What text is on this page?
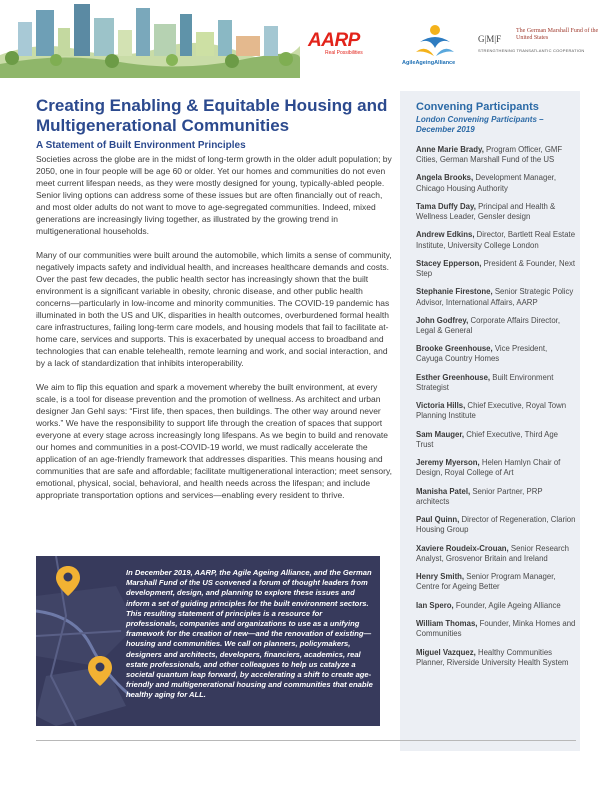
AARP
Real Possibilities
AgileAgeingAlliance
G|M|F
The German Marshall Fund of the United States
STRENGTHENING TRANSATLANTIC COOPERATION
Creating Enabling & Equitable Housing and Multigenerational Communities
A Statement of Built Environment Principles

Societies across the globe are in the midst of long-term growth in the older adult population; by 2050, one in four people will be age 60 or older. Yet our homes and communities do not even meet current lifespan needs, as they were mostly designed for young, typically-abled people. Senior living options can address some of these issues but are often financially out of reach, and most older adults do not want to move to age-segregated communities. Indeed, mixed generations are increasingly living together, as illustrated by the growing trend in multigenerational households.

Many of our communities were built around the automobile, which limits a sense of community, negatively impacts safety and individual health, and increases healthcare demands and costs. Over the past few decades, the public health sector has increasingly shown that the built environment is a significant variable in obesity, chronic disease, and other public health concerns—particularly in low-income and minority communities. The COVID-19 pandemic has illuminated in both the US and UK, disparities in health outcomes, overburdened formal health care infrastructures, failing long-term care models, and housing models that fail to facilitate at-home care, services and supports. This is exacerbated by unequal access to broadband and technologies that can enable telehealth, remote learning and work, and social interaction, and by a lack of standardization that inhibits interoperability.

We aim to flip this equation and spark a movement whereby the built environment, at every scale, is a tool for disease prevention and the promotion of wellness. As architect and urban designer Jan Gehl says: “First life, then spaces, then buildings. The other way around never works.” We have the responsibility to support life through the creation of spaces that support everyone at every stage across increasingly long lifespans. As we begin to build and renovate our homes and communities in a post-COVID-19 world, we must radically accelerate the application of an age-friendly framework that addresses disparities. This means housing and communities that are safe and affordable; facilitate multigenerational interaction; meet sensory, emotional, physical, social, behavioral, and health needs across the lifespan; and include appropriate transportation options and services—enabling every resident to thrive.

In December 2019, AARP, the Agile Ageing Alliance, and the German Marshall Fund of the US convened a forum of thought leaders from development, design, and planning to explore these issues and inform a set of guiding principles for the built environment sectors. This resulting statement of principles is a resource for professionals, companies and organizations to use as a unifying framework for the creation of new—and the renovation of existing—housing and communities. We call on planners, policymakers, designers and architects, developers, financiers, academics, real estate professionals, and other colleagues to help us catalyze a societal quantum leap forward, by accelerating a shift to create age-friendly and multigenerational housing and communities that enable healthy aging for ALL.
Convening Participants
London Convening Participants – December 2019
Anne Marie Brady, Program Officer, GMF Cities, German Marshall Fund of the US
Angela Brooks, Development Manager, Chicago Housing Authority
Tama Duffy Day, Principal and Health & Wellness Leader, Gensler design
Andrew Edkins, Director, Bartlett Real Estate Institute, University College London
Stacey Epperson, President & Founder, Next Step
Stephanie Firestone, Senior Strategic Policy Advisor, International Affairs, AARP
John Godfrey, Corporate Affairs Director, Legal & General
Brooke Greenhouse, Vice President, Cayuga Country Homes
Esther Greenhouse, Built Environment Strategist
Victoria Hills, Chief Executive, Royal Town Planning Institute
Sam Mauger, Chief Executive, Third Age Trust
Jeremy Myerson, Helen Hamlyn Chair of Design, Royal College of Art
Manisha Patel, Senior Partner, PRP architects
Paul Quinn, Director of Regeneration, Clarion Housing Group
Xaviere Roudeix-Crouan, Senior Research Analyst, Grosvenor Britain and Ireland
Henry Smith, Senior Program Manager, Centre for Ageing Better
Ian Spero, Founder, Agile Ageing Alliance
William Thomas, Founder, Minka Homes and Communities
Miguel Vazquez, Healthy Communities Planner, Riverside University Health System
